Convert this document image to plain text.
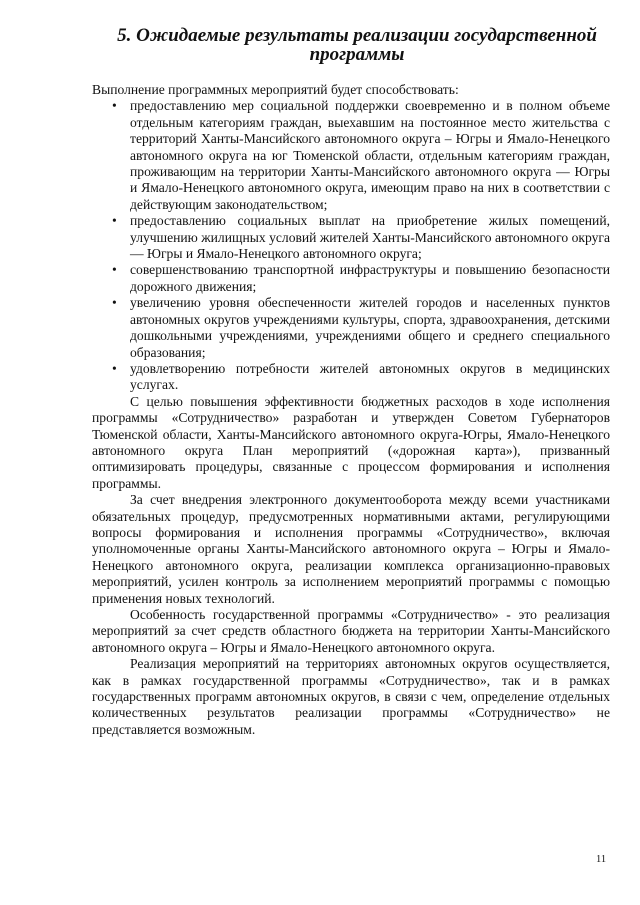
5. Ожидаемые результаты реализации государственной программы

Выполнение программных мероприятий будет способствовать:

• предоставлению мер социальной поддержки своевременно и в полном объеме отдельным категориям граждан, выехавшим на постоянное место жительства с территорий Ханты-Мансийского автономного округа – Югры и Ямало-Ненецкого автономного округа на юг Тюменской области, отдельным категориям граждан, проживающим на территории Ханты-Мансийского автономного округа — Югры и Ямало-Ненецкого автономного округа, имеющим право на них в соответствии с действующим законодательством;
• предоставлению социальных выплат на приобретение жилых помещений, улучшению жилищных условий жителей Ханты-Мансийского автономного округа — Югры и Ямало-Ненецкого автономного округа;
• совершенствованию транспортной инфраструктуры и повышению безопасности дорожного движения;
• увеличению уровня обеспеченности жителей городов и населенных пунктов автономных округов учреждениями культуры, спорта, здравоохранения, детскими дошкольными учреждениями, учреждениями общего и среднего специального образования;
• удовлетворению потребности жителей автономных округов в медицинских услугах.

С целью повышения эффективности бюджетных расходов в ходе исполнения программы «Сотрудничество» разработан и утвержден Советом Губернаторов Тюменской области, Ханты-Мансийского автономного округа-Югры, Ямало-Ненецкого автономного округа План мероприятий («дорожная карта»), призванный оптимизировать процедуры, связанные с процессом формирования и исполнения программы.

За счет внедрения электронного документооборота между всеми участниками обязательных процедур, предусмотренных нормативными актами, регулирующими вопросы формирования и исполнения программы «Сотрудничество», включая уполномоченные органы Ханты-Мансийского автономного округа – Югры и Ямало-Ненецкого автономного округа, реализации комплекса организационно-правовых мероприятий, усилен контроль за исполнением мероприятий программы с помощью применения новых технологий.

Особенность государственной программы «Сотрудничество» - это реализация мероприятий за счет средств областного бюджета на территории Ханты-Мансийского автономного округа – Югры и Ямало-Ненецкого автономного округа.

Реализация мероприятий на территориях автономных округов осуществляется, как в рамках государственной программы «Сотрудничество», так и в рамках государственных программ автономных округов, в связи с чем, определение отдельных количественных результатов реализации программы «Сотрудничество» не представляется возможным.

11
